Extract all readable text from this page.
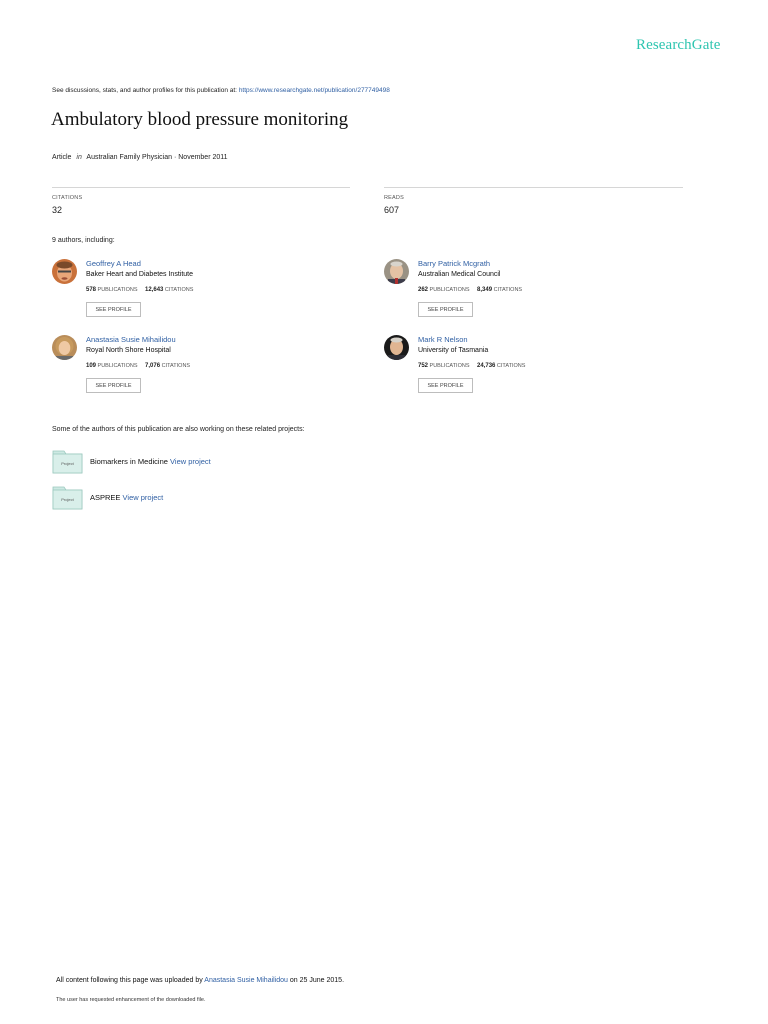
ResearchGate
See discussions, stats, and author profiles for this publication at: https://www.researchgate.net/publication/277749498
Ambulatory blood pressure monitoring
Article in Australian Family Physician · November 2011
CITATIONS
32
READS
607
9 authors, including:
Geoffrey A Head
Baker Heart and Diabetes Institute
578 PUBLICATIONS 12,643 CITATIONS
SEE PROFILE
Barry Patrick Mcgrath
Australian Medical Council
262 PUBLICATIONS 8,349 CITATIONS
SEE PROFILE
Anastasia Susie Mihailidou
Royal North Shore Hospital
109 PUBLICATIONS 7,076 CITATIONS
SEE PROFILE
Mark R Nelson
University of Tasmania
752 PUBLICATIONS 24,736 CITATIONS
SEE PROFILE
Some of the authors of this publication are also working on these related projects:
Project Biomarkers in Medicine View project
Project ASPREE View project
All content following this page was uploaded by Anastasia Susie Mihailidou on 25 June 2015.
The user has requested enhancement of the downloaded file.
